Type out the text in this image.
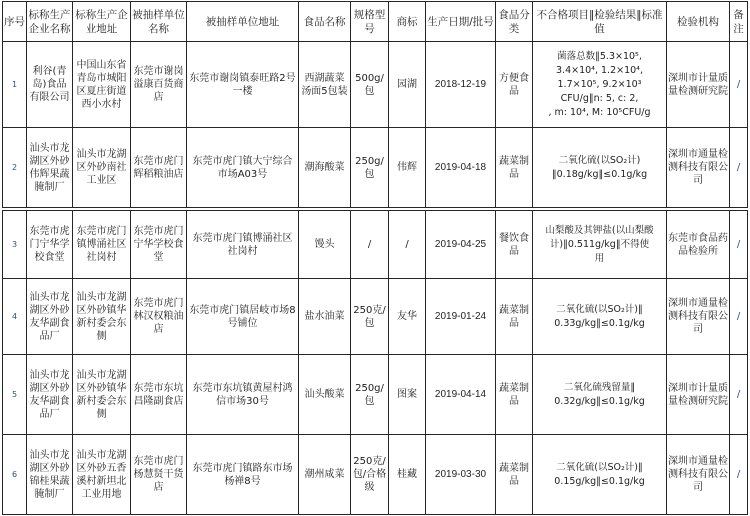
序号	标称生产企业名称	标称生产企业地址	被抽样单位名称	被抽样单位地址	食品名称	规格型号	商标	生产日期/批号	食品分类	不合格项目‖检验结果‖标准值	检验机构	备注
1	利谷(青岛)食品有限公司	中国山东省青岛市城阳区夏庄街道西小水村	东莞市谢岗溢康百货商店	东莞市谢岗镇泰旺路2号一楼	西湖蔬菜汤面5包装	500g/包	园湖	2018-12-19	方便食品	菌落总数‖5.3×10⁵,
3.4×10⁴, 1.2×10⁴,
1.7×10⁵, 9.2×10³
CFU/g‖n: 5, c: 2,
, m: 10⁴, M: 10⁵CFU/g	深圳市计量质量检测研究院	/
2	汕头市龙湖区外砂伟辉果蔬腌制厂	汕头市龙湖区外砂南社工业区	东莞市虎门辉稻粮油店	东莞市虎门镇大宁综合市场A03号	潮海酸菜	250g/包	伟辉	2019-04-18	蔬菜制品	二氧化硫(以SO₂计)
‖0.18g/kg‖≤0.1g/kg	深圳市通量检测科技有限公司	/
3	东莞市虎门宁华学校食堂	东莞市虎门镇博涌社区社岗村	东莞市虎门宁华学校食堂	东莞市虎门镇博涌社区社岗村	馒头	/	/	2019-04-25	餐饮食品	山梨酸及其钾盐(以山梨酸
计)‖0.511g/kg‖不得使
用	东莞市食品药品检验所	/
4	汕头市龙湖区外砂友华副食品厂	汕头市龙湖区外砂镇华新村委会东侧	东莞市虎门林汉权粮油店	东莞市虎门镇居岐市场8号铺位	盐水油菜	250克/包	友华	2019-01-24	蔬菜制品	二氧化硫(以SO₂计)‖
0.33g/kg‖≤0.1g/kg	深圳市通量检测科技有限公司	/
5	汕头市龙湖区外砂友华副食品厂	汕头市龙湖区外砂镇华新村委会东侧	东莞市东坑昌隆副食店	东莞市东坑镇黄屋村鸿信市场30号	汕头酸菜	250g/包	图案	2019-04-14	蔬菜制品	二氧化硫残留量‖
0.32g/kg‖≤0.1g/kg	深圳市计量质量检测研究院	/
6	汕头市龙湖区外砂锦桂果蔬腌制厂	汕头市龙湖区外砂五香溪村新坦北工业用地	东莞市虎门杨慧贤干货店	东莞市虎门镇路东市场杨禅8号	潮州咸菜	250克/包/合格级	桂藏	2019-03-30	蔬菜制品	二氧化硫(以SO₂计)‖
0.15g/kg‖≤0.1g/kg	深圳市通量检测科技有限公司	/
